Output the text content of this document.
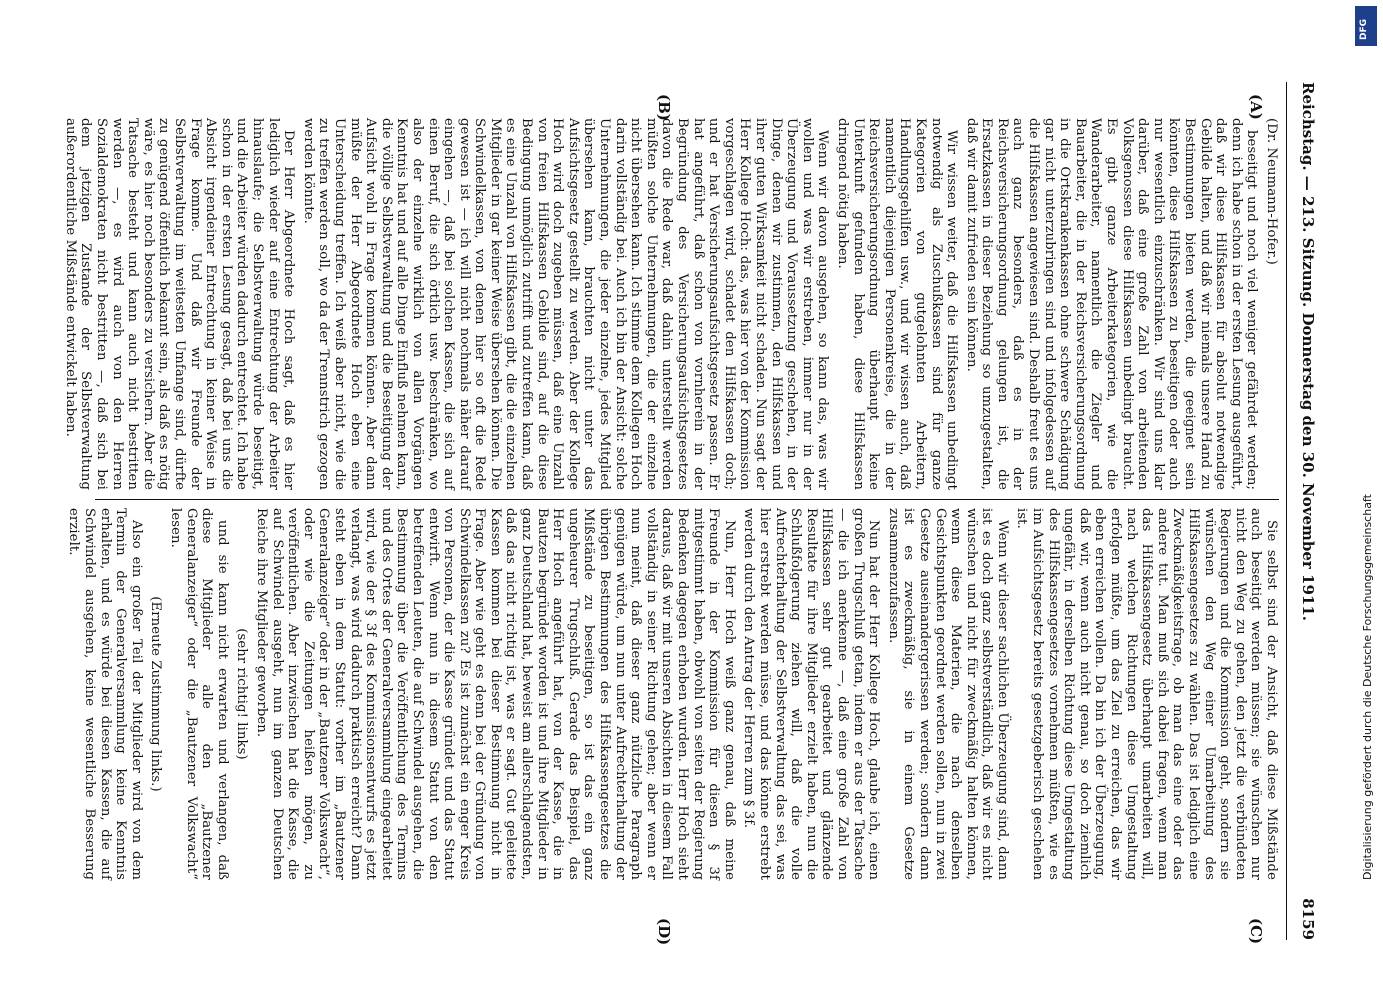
Reichstag. — 213. Sitzung. Donnerstag den 30. November 1911.
8159
(A)
(B)
(C)
(D)

(Dr. Neumann-Hofer.)

beseitigt und noch viel weniger gefährdet werden; denn ich habe schon in der ersten Lesung ausgeführt, daß wir diese Hilfskassen für absolut notwendige Gebilde halten, und daß wir niemals unsere Hand zu Bestimmungen bieten werden, die geeignet sein könnten, diese Hilfskassen zu beseitigen oder auch nur wesentlich einzuschränken. Wir sind uns klar darüber, daß eine große Zahl von arbeitenden Volksgenossen diese Hilfskassen unbedingt braucht. Es gibt ganze Arbeiterkategorien, wie die Wanderarbeiter, namentlich die Ziegler und Bauarbeiter, die in der Reichsversicherungsordnung in die Ortskrankenkassen ohne schwere Schädigung gar nicht unterzubringen sind und infolgedessen auf die Hilfskassen angewiesen sind. Deshalb freut es uns auch ganz besonders, daß es in der Reichsversicherungsordnung gelungen ist, die Ersatzkassen in dieser Beziehung so umzugestalten, daß wir damit zufrieden sein können.

Wir wissen weiter, daß die Hilfskassen unbedingt notwendig als Zuschußkassen sind für ganze Kategorien von gutgelohnten Arbeitern, Handlungsgehilfen usw., und wir wissen auch, daß namentlich diejenigen Personenkreise, die in der Reichsversicherungsordnung überhaupt keine Unterkunft gefunden haben, diese Hilfskassen dringend nötig haben.

Wenn wir davon ausgehen, so kann das, was wir wollen und was wir erstreben, immer nur in der Überzeugung und Voraussetzung geschehen, in der Dinge, denen wir zustimmen, den Hilfskassen und ihrer guten Wirksamkeit nicht schaden. Nun sagt der Herr Kollege Hoch: das, was hier von der Kommission vorgeschlagen wird, schadet den Hilfskassen doch; und er hat Versicherungsaufsichtsgesetz passen. Er hat angeführt, daß schon von vornherein in der Begründung des Versicherungsaufsichtsgesetzes davon die Rede war, daß dahin unterstellt werden müßten solche Unternehmungen, die der einzelne nicht übersehen kann. Ich stimme dem Kollegen Hoch darin vollständig bei. Auch ich bin der Ansicht: solche Unternehmungen, die jeder einzelne, jedes Mitglied übersehen kann, brauchten nicht unter das Aufsichtsgesetz gestellt zu werden. Aber der Kollege Hoch wird doch zugeben müssen, daß eine Unzahl von freien Hilfskassen Gebilde sind, auf die diese Bedingung unmöglich zutrifft und zutreffen kann, daß es eine Unzahl von Hilfskassen gibt, die die einzelnen Mitglieder in gar keiner Weise übersehen können. Die Schwindelkassen, von denen hier so oft die Rede gewesen ist — ich will nicht nochmals näher darauf eingehen —, daß bei solchen Kassen, die sich auf einen Beruf, die sich örtlich usw. beschränken, wo also der einzelne wirklich von allen Vorgängen Kenntnis hat und auf alle Dinge Einfluß nehmen kann, die völlige Selbstverwaltung und die Beseitigung der Aufsicht wohl in Frage kommen können. Aber dann müßte der Herr Abgeordnete Hoch eben eine Unterscheidung treffen. Ich weiß aber nicht, wie die zu treffen werden soll, wo da der Trennstrich gezogen werden könnte.

Der Herr Abgeordnete Hoch sagt, daß es hier lediglich wieder auf eine Entrechtung der Arbeiter hinauslaufe; die Selbstverwaltung würde beseitigt, und die Arbeiter würden dadurch entrechtet. Ich habe schon in der ersten Lesung gesagt, daß bei uns die Absicht irgendeiner Entrechtung in keiner Weise in Frage komme. Und daß wir Freunde der Selbstverwaltung im weitesten Umfange sind, dürfte zu genügend öffentlich bekannt sein, als daß es nötig wäre, es hier noch besonders zu versichern. Aber die Tatsache besteht und kann auch nicht bestritten werden —, es wird auch von den Herren Sozialdemokraten nicht bestritten —, daß sich bei dem jetzigen Zustande der Selbstverwaltung außerordentliche Mißstände entwickelt haben.

Sie selbst sind der Ansicht, daß diese Mißstände auch beseitigt werden müssen; sie wünschen nur nicht den Weg zu gehen, den jetzt die verbündeten Regierungen und die Kommission geht, sondern sie wünschen den Weg einer Umarbeitung des Hilfskassengesetzes zu wählen. Das ist lediglich eine Zweckmäßigkeitsfrage, ob man das eine oder das andere tut. Man muß sich dabei fragen, wenn man das Hilfskassengesetz überhaupt umarbeiten will, nach welchen Richtungen diese Umgestaltung erfolgen müßte, um das Ziel zu erreichen, das wir eben erreichen wollen. Da bin ich der Überzeugung, daß wir, wenn auch nicht genau, so doch ziemlich ungefähr, in derselben Richtung diese Umgestaltung des Hilfskassengesetzes vornehmen müßten, wie es im Aufsichtsgesetz bereits gesetzgeberisch geschehen ist.

Wenn wir dieser sachlichen Überzeugung sind, dann ist es doch ganz selbstverständlich, daß wir es nicht wünschen und nicht für zweckmäßig halten können, wenn diese Materien, die nach denselben Gesichtspunkten geordnet werden sollen, nun in zwei Gesetze auseinandergerissen werden; sondern dann ist es zweckmäßig, sie in einem Gesetze zusammenzufassen.

Nun hat der Herr Kollege Hoch, glaube ich, einen großen Trugschluß getan, indem er aus der Tatsache — die ich anerkenne —, daß eine große Zahl von Hilfskassen sehr gut gearbeitet und glänzende Resultate für ihre Mitglieder erzielt haben, nun die Schlußfolgerung ziehen will, daß die volle Aufrechterhaltung der Selbstverwaltung das sei, was hier erstrebt werden müsse, und das könne erstrebt werden durch den Antrag der Herren zum § 3f.

Nun, Herr Hoch weiß ganz genau, daß meine Freunde in der Kommission für diesen § 3f mitgestimmt haben, obwohl von seiten der Regierung Bedenken dagegen erhoben wurden. Herr Hoch sieht daraus, daß wir mit unseren Absichten in diesem Fall vollständig in seiner Richtung gehen; aber wenn er nun meint, daß dieser ganz nützliche Paragraph genügen würde, um nun unter Aufrechterhaltung der übrigen Bestimmungen des Hilfskassengesetzes die Mißstände zu beseitigen, so ist das ein ganz ungeheurer Trugschluß. Gerade das Beispiel, das Herr Hoch angeführt hat, von der Kasse, die in Bautzen begründet worden ist und ihre Mitglieder in ganz Deutschland hat, beweist am allerschlagendsten, daß das nicht richtig ist, was er sagt. Gut geleitete Kassen kommen bei dieser Bestimmung nicht in Frage. Aber wie geht es denn bei der Gründung von Schwindelkassen zu? Es ist zunächst ein enger Kreis von Personen, der die Kasse gründet und das Statut entwirft. Wenn nun in diesem Statut von den betreffenden Leuten, die auf Schwindel ausgehen, die Bestimmung über die Veröffentlichung des Termins und des Ortes der Generalversammlung eingearbeitet wird, wie der § 3f des Kommissionsentwurfs es jetzt verlangt, was wird dadurch praktisch erreicht? Dann steht eben in dem Statut: vorher im „Bautzener Generalanzeiger“ oder in der „Bautzener Volkswacht“, oder wie die Zeitungen heißen mögen, zu veröffentlichen. Aber inzwischen hat die Kasse, die auf Schwindel ausgeht, nun im ganzen Deutschen Reiche ihre Mitglieder geworben.

(sehr richtig! links)

und sie kann nicht erwarten und verlangen, daß diese Mitglieder alle den „Bautzener Generalanzeiger“ oder die „Bautzener Volkswacht“ lesen.

(Erneute Zustimmung links.)

Also ein großer Teil der Mitglieder wird von dem Termin der Generalversammlung keine Kenntnis erhalten, und es würde bei diesen Kassen, die auf Schwindel ausgehen, keine wesentliche Besserung erzielt.

DFG
Digitalisierung gefördert durch die Deutsche Forschungsgemeinschaft
